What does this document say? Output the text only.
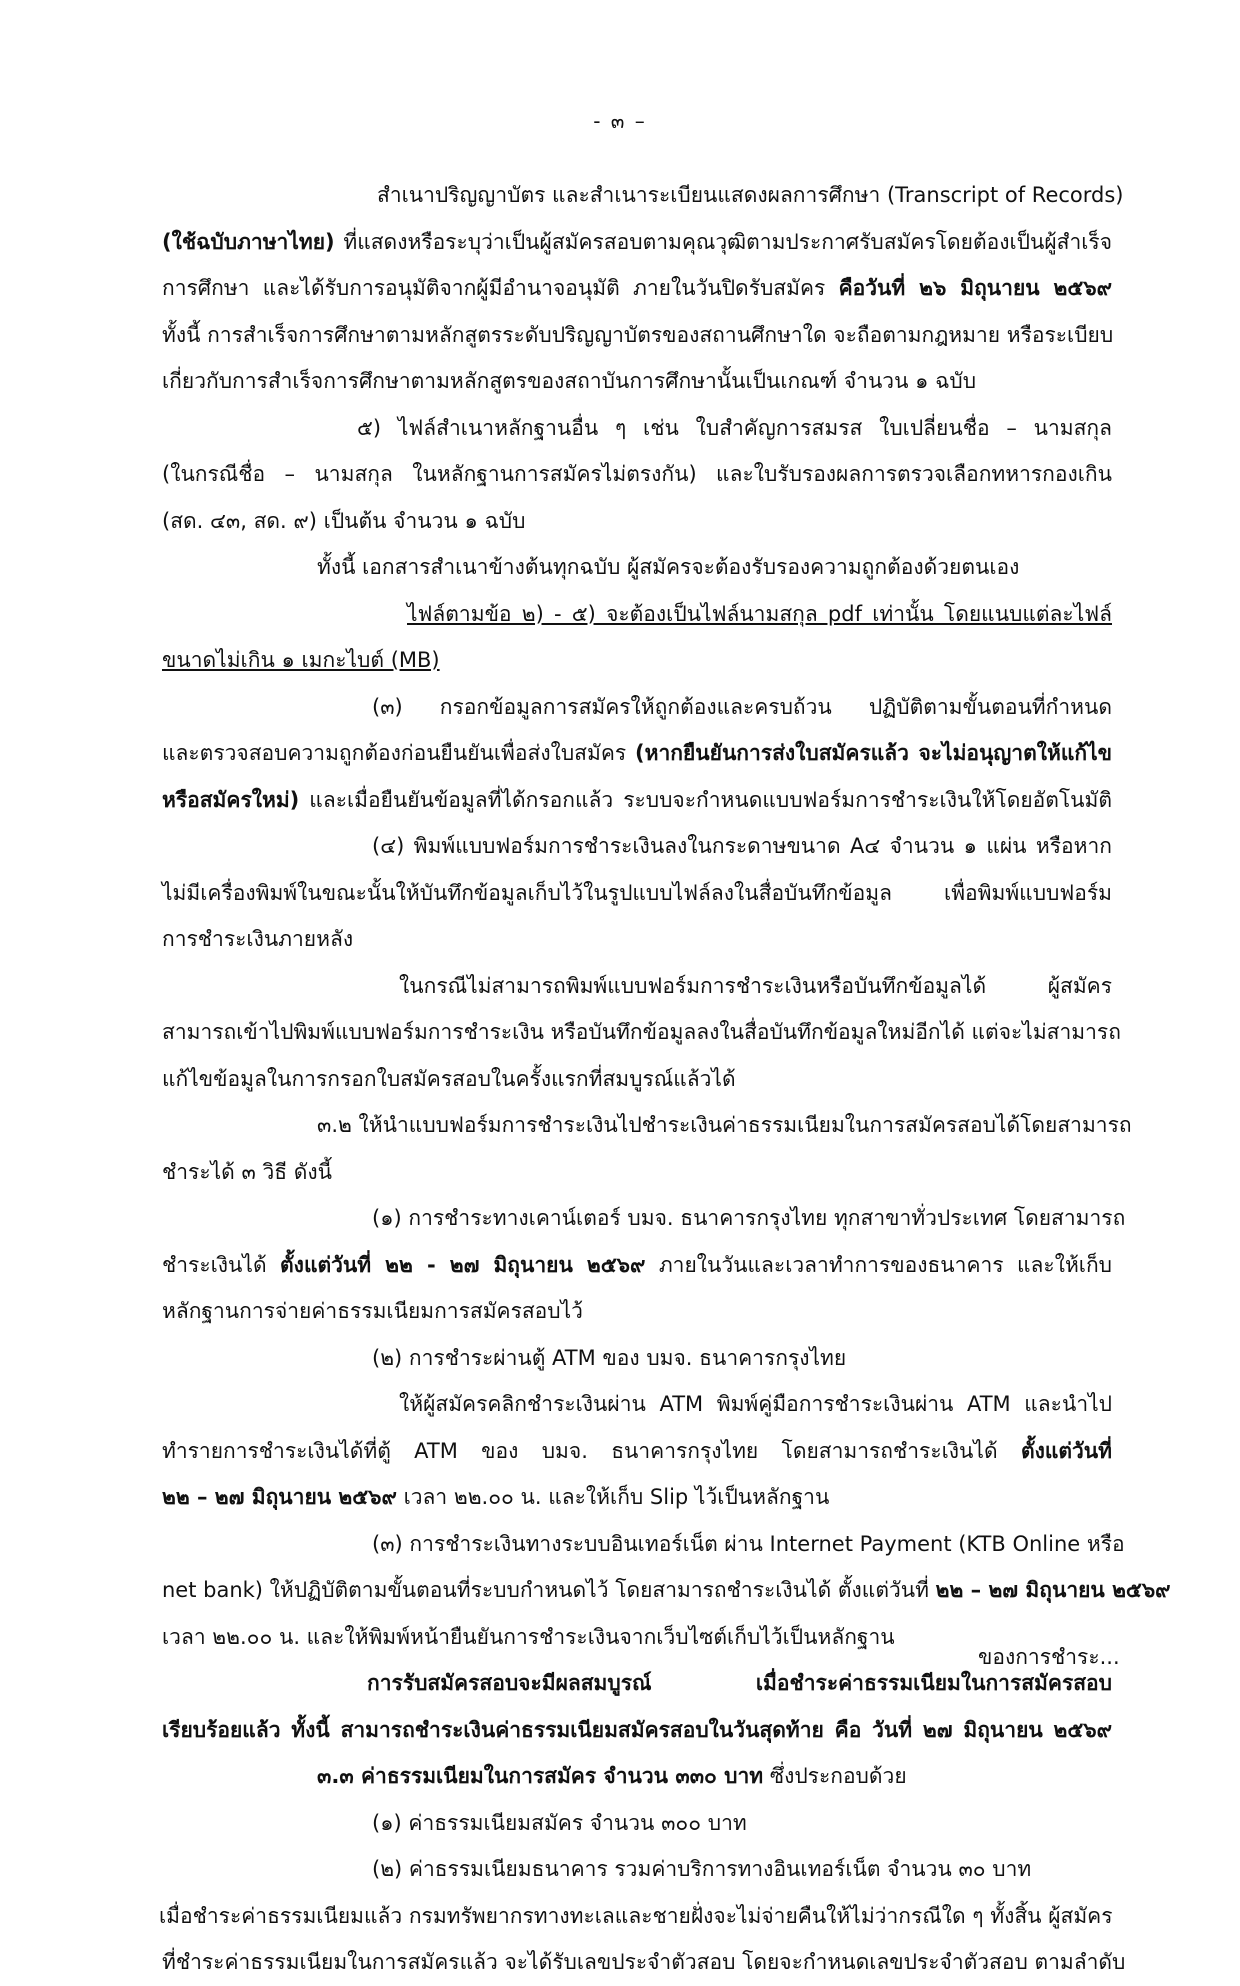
- ๓ –
สำเนาปริญญาบัตร และสำเนาระเบียนแสดงผลการศึกษา (Transcript of Records)
(ใช้ฉบับภาษาไทย) ที่แสดงหรือระบุว่าเป็นผู้สมัครสอบตามคุณวุฒิตามประกาศรับสมัครโดยต้องเป็นผู้สำเร็จ
การศึกษา และได้รับการอนุมัติจากผู้มีอำนาจอนุมัติ ภายในวันปิดรับสมัคร คือวันที่ ๒๖ มิถุนายน ๒๕๖๙
ทั้งนี้ การสำเร็จการศึกษาตามหลักสูตรระดับปริญญาบัตรของสถานศึกษาใด จะถือตามกฎหมาย หรือระเบียบ
เกี่ยวกับการสำเร็จการศึกษาตามหลักสูตรของสถาบันการศึกษานั้นเป็นเกณฑ์ จำนวน ๑ ฉบับ
๕) ไฟล์สำเนาหลักฐานอื่น ๆ เช่น ใบสำคัญการสมรส ใบเปลี่ยนชื่อ – นามสกุล
(ในกรณีชื่อ – นามสกุล ในหลักฐานการสมัครไม่ตรงกัน) และใบรับรองผลการตรวจเลือกทหารกองเกิน
(สด. ๔๓, สด. ๙) เป็นต้น จำนวน ๑ ฉบับ
ทั้งนี้ เอกสารสำเนาข้างต้นทุกฉบับ ผู้สมัครจะต้องรับรองความถูกต้องด้วยตนเอง
ไฟล์ตามข้อ ๒) - ๕) จะต้องเป็นไฟล์นามสกุล pdf เท่านั้น โดยแนบแต่ละไฟล์
ขนาดไม่เกิน ๑ เมกะไบต์ (MB)
(๓) กรอกข้อมูลการสมัครให้ถูกต้องและครบถ้วน ปฏิบัติตามขั้นตอนที่กำหนด
และตรวจสอบความถูกต้องก่อนยืนยันเพื่อส่งใบสมัคร (หากยืนยันการส่งใบสมัครแล้ว จะไม่อนุญาตให้แก้ไข
หรือสมัครใหม่) และเมื่อยืนยันข้อมูลที่ได้กรอกแล้ว ระบบจะกำหนดแบบฟอร์มการชำระเงินให้โดยอัตโนมัติ
(๔) พิมพ์แบบฟอร์มการชำระเงินลงในกระดาษขนาด A๔ จำนวน ๑ แผ่น หรือหาก
ไม่มีเครื่องพิมพ์ในขณะนั้นให้บันทึกข้อมูลเก็บไว้ในรูปแบบไฟล์ลงในสื่อบันทึกข้อมูล เพื่อพิมพ์แบบฟอร์ม
การชำระเงินภายหลัง
ในกรณีไม่สามารถพิมพ์แบบฟอร์มการชำระเงินหรือบันทึกข้อมูลได้ ผู้สมัคร
สามารถเข้าไปพิมพ์แบบฟอร์มการชำระเงิน หรือบันทึกข้อมูลลงในสื่อบันทึกข้อมูลใหม่อีกได้ แต่จะไม่สามารถ
แก้ไขข้อมูลในการกรอกใบสมัครสอบในครั้งแรกที่สมบูรณ์แล้วได้
๓.๒ ให้นำแบบฟอร์มการชำระเงินไปชำระเงินค่าธรรมเนียมในการสมัครสอบได้โดยสามารถ
ชำระได้ ๓ วิธี ดังนี้
(๑) การชำระทางเคาน์เตอร์ บมจ. ธนาคารกรุงไทย ทุกสาขาทั่วประเทศ โดยสามารถ
ชำระเงินได้ ตั้งแต่วันที่ ๒๒ - ๒๗ มิถุนายน ๒๕๖๙ ภายในวันและเวลาทำการของธนาคาร และให้เก็บ
หลักฐานการจ่ายค่าธรรมเนียมการสมัครสอบไว้
(๒) การชำระผ่านตู้ ATM ของ บมจ. ธนาคารกรุงไทย
ให้ผู้สมัครคลิกชำระเงินผ่าน ATM พิมพ์คู่มือการชำระเงินผ่าน ATM และนำไป
ทำรายการชำระเงินได้ที่ตู้ ATM ของ บมจ. ธนาคารกรุงไทย โดยสามารถชำระเงินได้ ตั้งแต่วันที่
๒๒ – ๒๗ มิถุนายน ๒๕๖๙ เวลา ๒๒.๐๐ น. และให้เก็บ Slip ไว้เป็นหลักฐาน
(๓) การชำระเงินทางระบบอินเทอร์เน็ต ผ่าน Internet Payment (KTB Online หรือ
net bank) ให้ปฏิบัติตามขั้นตอนที่ระบบกำหนดไว้ โดยสามารถชำระเงินได้ ตั้งแต่วันที่ ๒๒ – ๒๗ มิถุนายน ๒๕๖๙
เวลา ๒๒.๐๐ น. และให้พิมพ์หน้ายืนยันการชำระเงินจากเว็บไซต์เก็บไว้เป็นหลักฐาน
การรับสมัครสอบจะมีผลสมบูรณ์ เมื่อชำระค่าธรรมเนียมในการสมัครสอบ
เรียบร้อยแล้ว ทั้งนี้ สามารถชำระเงินค่าธรรมเนียมสมัครสอบในวันสุดท้าย คือ วันที่ ๒๗ มิถุนายน ๒๕๖๙
๓.๓ ค่าธรรมเนียมในการสมัคร จำนวน ๓๓๐ บาท ซึ่งประกอบด้วย
(๑) ค่าธรรมเนียมสมัคร จำนวน ๓๐๐ บาท
(๒) ค่าธรรมเนียมธนาคาร รวมค่าบริการทางอินเทอร์เน็ต จำนวน ๓๐ บาท
เมื่อชำระค่าธรรมเนียมแล้ว กรมทรัพยากรทางทะเลและชายฝั่งจะไม่จ่ายคืนให้ไม่ว่ากรณีใด ๆ ทั้งสิ้น ผู้สมัคร
ที่ชำระค่าธรรมเนียมในการสมัครแล้ว จะได้รับเลขประจำตัวสอบ โดยจะกำหนดเลขประจำตัวสอบ ตามลำดับ
ของการชำระ...
